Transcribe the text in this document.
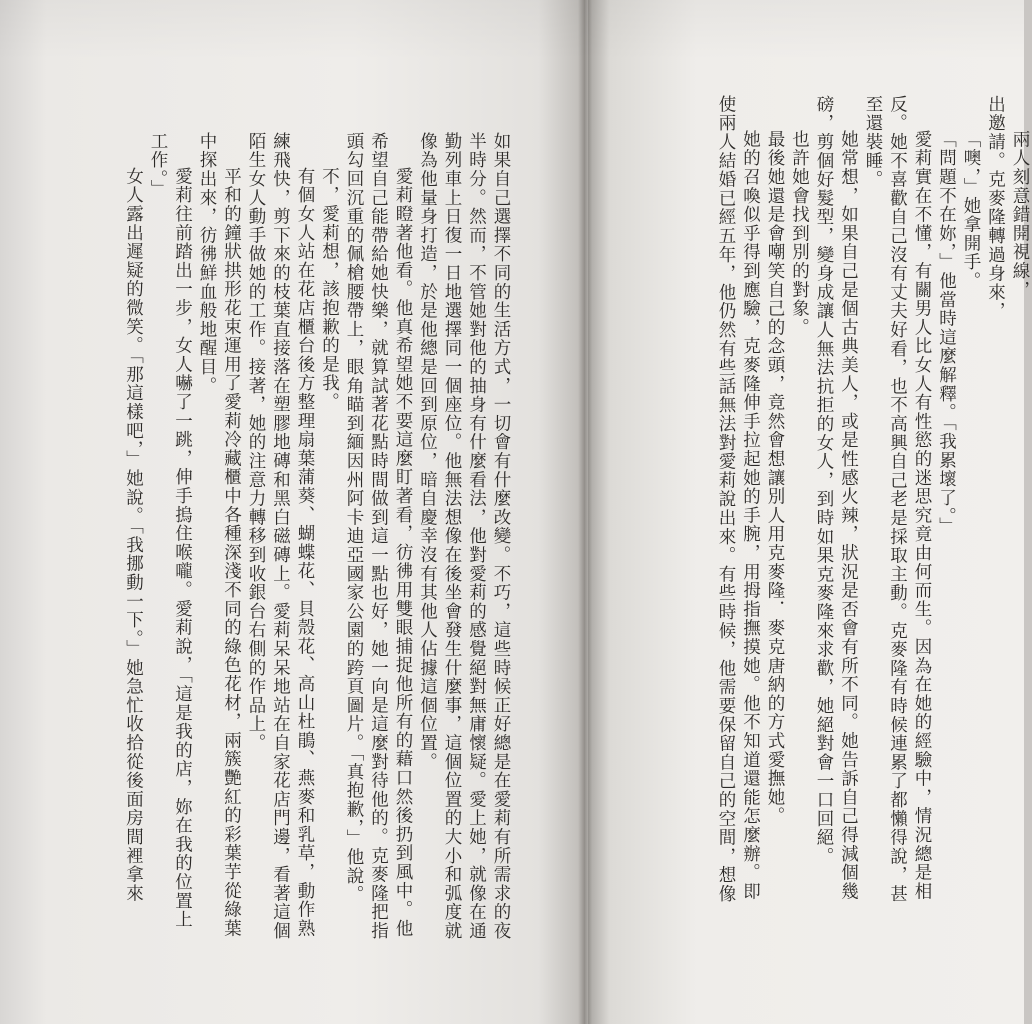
如果自己選擇不同的生活方式，一切會有什麼改變。不巧，這些時候正好總是在愛莉有所需求的夜

半時分。然而，不管她對他的抽身有什麼看法，他對愛莉的感覺絕對無庸懷疑。愛上她，就像在通

勤列車上日復一日地選擇同一個座位。他無法想像在後坐會發生什麼事，這個位置的大小和弧度就

像為他量身打造，於是他總是回到原位，暗自慶幸沒有其他人佔據這個位置。

愛莉瞪著他看。他真希望她不要這麼盯著看，彷彿用雙眼捕捉他所有的藉口然後扔到風中。他

希望自己能帶給她快樂，就算試著花點時間做到這一點也好，她一向是這麼對待他的。克麥隆把指

頭勾回沉重的佩槍腰帶上，眼角瞄到緬因州阿卡迪亞國家公園的跨頁圖片。「真抱歉，」他說。

不，愛莉想，該抱歉的是我。

有個女人站在花店櫃台後方整理扇葉蒲葵、蝴蝶花、貝殼花、高山杜鵑、燕麥和乳草，動作熟

練飛快，剪下來的枝葉直接落在塑膠地磚和黑白磁磚上。愛莉呆呆地站在自家花店門邊，看著這個

陌生女人動手做她的工作。接著，她的注意力轉移到收銀台右側的作品上。

平和的鐘狀拱形花束運用了愛莉冷藏櫃中各種深淺不同的綠色花材，兩簇艷紅的彩葉芋從綠葉

中探出來，彷彿鮮血般地醒目。

愛莉往前踏出一步，女人嚇了一跳，伸手摀住喉嚨。愛莉說，「這是我的店，妳在我的位置上

工作。」

女人露出遲疑的微笑。「那這樣吧，」她說。「我挪動一下。」她急忙收拾從後面房間裡拿來	兩人刻意錯開視線，

出邀請。克麥隆轉過身來，

「噢，」她拿開手。

「問題不在妳，」他當時這麼解釋。「我累壞了。」

愛莉實在不懂，有關男人比女人有性慾的迷思究竟由何而生。因為在她的經驗中，情況總是相

反。她不喜歡自己沒有丈夫好看，也不高興自己老是採取主動。克麥隆有時候連累了都懶得說，甚

至還裝睡。

她常想，如果自己是個古典美人，或是性感火辣，狀況是否會有所不同。她告訴自己得減個幾

磅，剪個好髮型，變身成讓人無法抗拒的女人，到時如果克麥隆來求歡，她絕對會一口回絕。

也許她會找到別的對象。

最後她還是會嘲笑自己的念頭，竟然會想讓別人用克麥隆．麥克唐納的方式愛撫她。

她的召喚似乎得到應驗，克麥隆伸手拉起她的手腕，用拇指撫摸她。他不知道還能怎麼辦。即

使兩人結婚已經五年，他仍然有些話無法對愛莉說出來。有些時候，他需要保留自己的空間，想像
